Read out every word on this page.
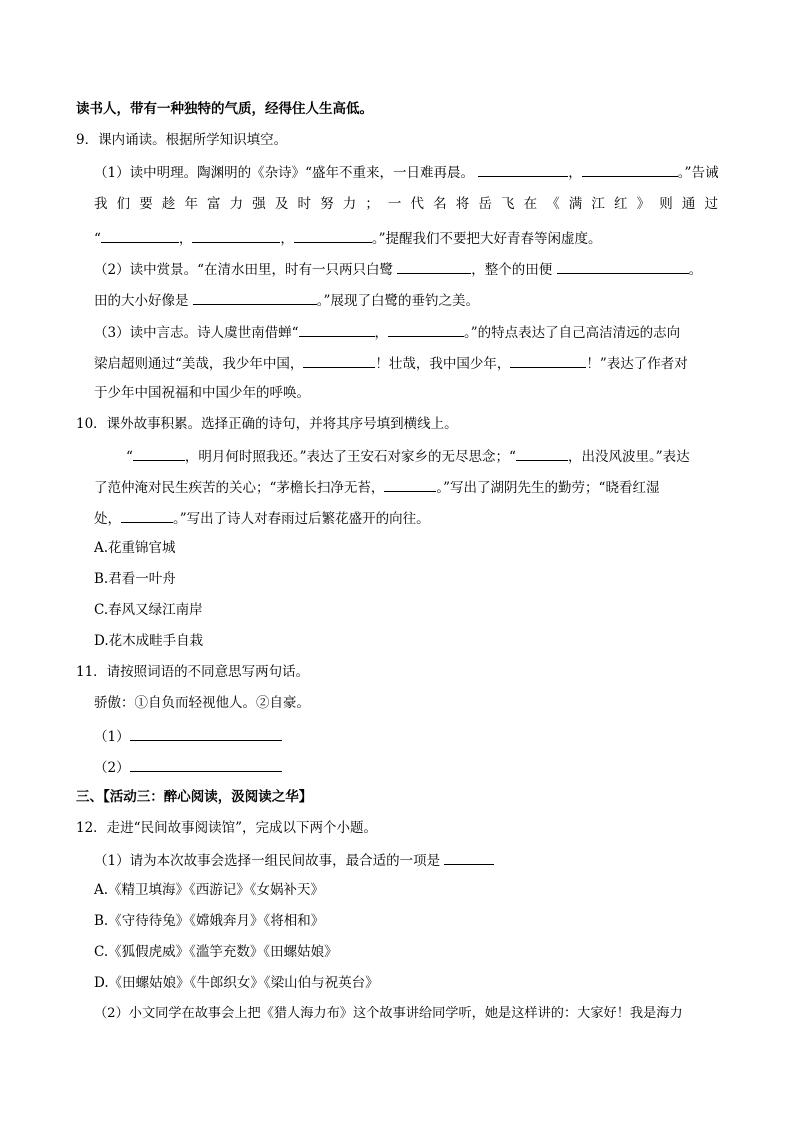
读书人，带有一种独特的气质，经得住人生高低。
9．课内诵读。根据所学知识填空。
（1）读中明理。陶渊明的《杂诗》“盛年不重来，一日难再晨。	，	。”告诫
我 们 要 趁 年 富 力 强 及 时 努 力 ； 一 代 名 将 岳 飞 在 《 满 江 红 》 则 通 过
“	，	，	。”提醒我们不要把大好青春等闲虚度。
（2）读中赏景。“在清水田里，时有一只两只白鹭	，整个的田便	。
田的大小好像是	。”展现了白鹭的垂钓之美。
（3）读中言志。诗人虞世南借蝉“	，	。”的特点表达了自己高洁清远的志向
梁启超则通过“美哉，我少年中国，	！壮哉，我中国少年，	！”表达了作者对
于少年中国祝福和中国少年的呼唤。
10．课外故事积累。选择正确的诗句，并将其序号填到横线上。
“	，明月何时照我还。”表达了王安石对家乡的无尽思念；“	，出没风波里。”表达
了范仲淹对民生疾苦的关心；“茅檐长扫净无苔，	。”写出了湖阴先生的勤劳；“晓看红湿
处，	。”写出了诗人对春雨过后繁花盛开的向往。
A.花重锦官城
B.君看一叶舟
C.春风又绿江南岸
D.花木成畦手自栽
11．请按照词语的不同意思写两句话。
骄傲：①自负而轻视他人。②自豪。
（1）
（2）
三、【活动三：醉心阅读，汲阅读之华】
12．走进“民间故事阅读馆”，完成以下两个小题。
（1）请为本次故事会选择一组民间故事，最合适的一项是
A.《精卫填海》《西游记》《女娲补天》
B.《守待待兔》《嫦娥奔月》《将相和》
C.《狐假虎威》《滥竽充数》《田螺姑娘》
D.《田螺姑娘》《牛郎织女》《梁山伯与祝英台》
（2）小文同学在故事会上把《猎人海力布》这个故事讲给同学听，她是这样讲的：大家好！我是海力
